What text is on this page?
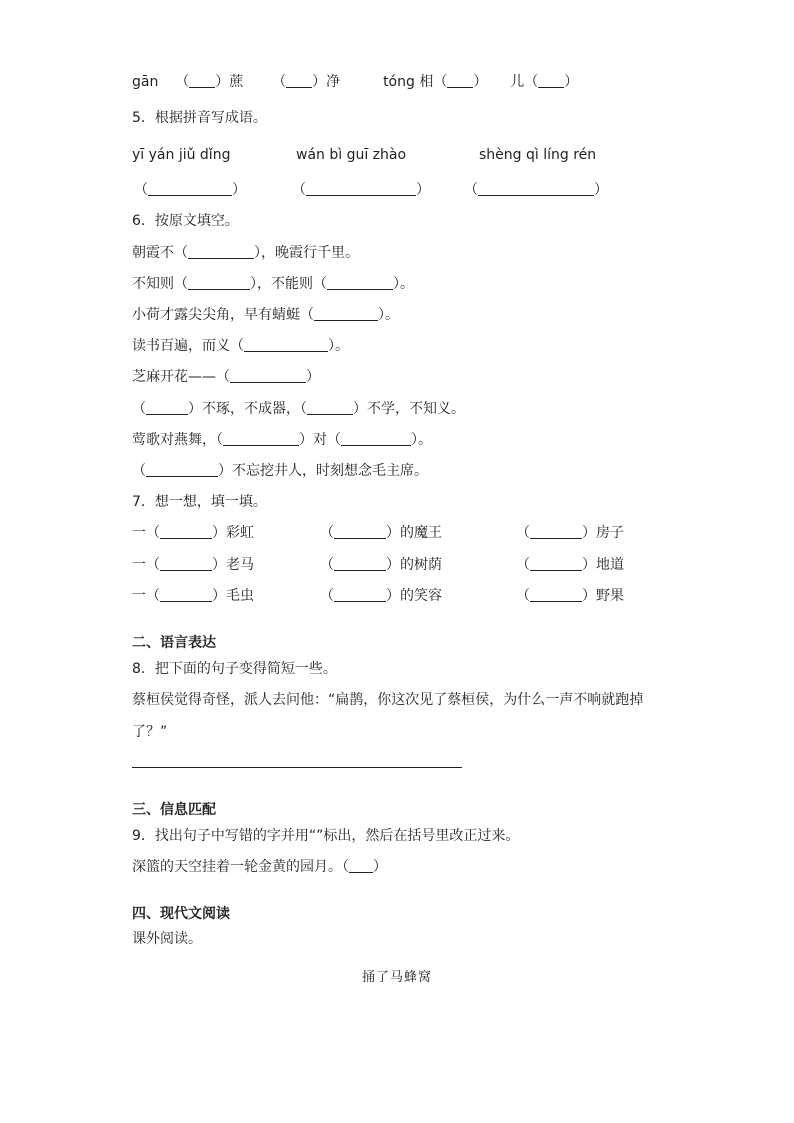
gān （ ）蔗 （ ）净	tóng 相（ ） 儿（ ）
5．根据拼音写成语。
yī yán jiǔ dǐng	wán bì guī zhào	shèng qì líng rén
（	）	（	） （	）
6．按原文填空。
朝霞不（	），晚霞行千里。
不知则（	），不能则（	）。
小荷才露尖尖角，早有蜻蜓（	）。
读书百遍，而义（	）。
芝麻开花——（	）
（	）不琢，不成器，（	）不学，不知义。
莺歌对燕舞，（	）对（	）。
（	）不忘挖井人，时刻想念毛主席。
7．想一想，填一填。
一（	）彩虹	（	）的魔王	（	）房子
一（	）老马	（	）的树荫	（	）地道
一（	）毛虫	（	）的笑容	（	）野果
二、语言表达
8．把下面的句子变得简短一些。
蔡桓侯觉得奇怪，派人去问他：“扁鹊，你这次见了蔡桓侯，为什么一声不响就跑掉
了？”
三、信息匹配
9．找出句子中写错的字并用“”标出，然后在括号里改正过来。
深篮的天空挂着一轮金黄的园月。（ ）
四、现代文阅读
课外阅读。
捅了马蜂窝
